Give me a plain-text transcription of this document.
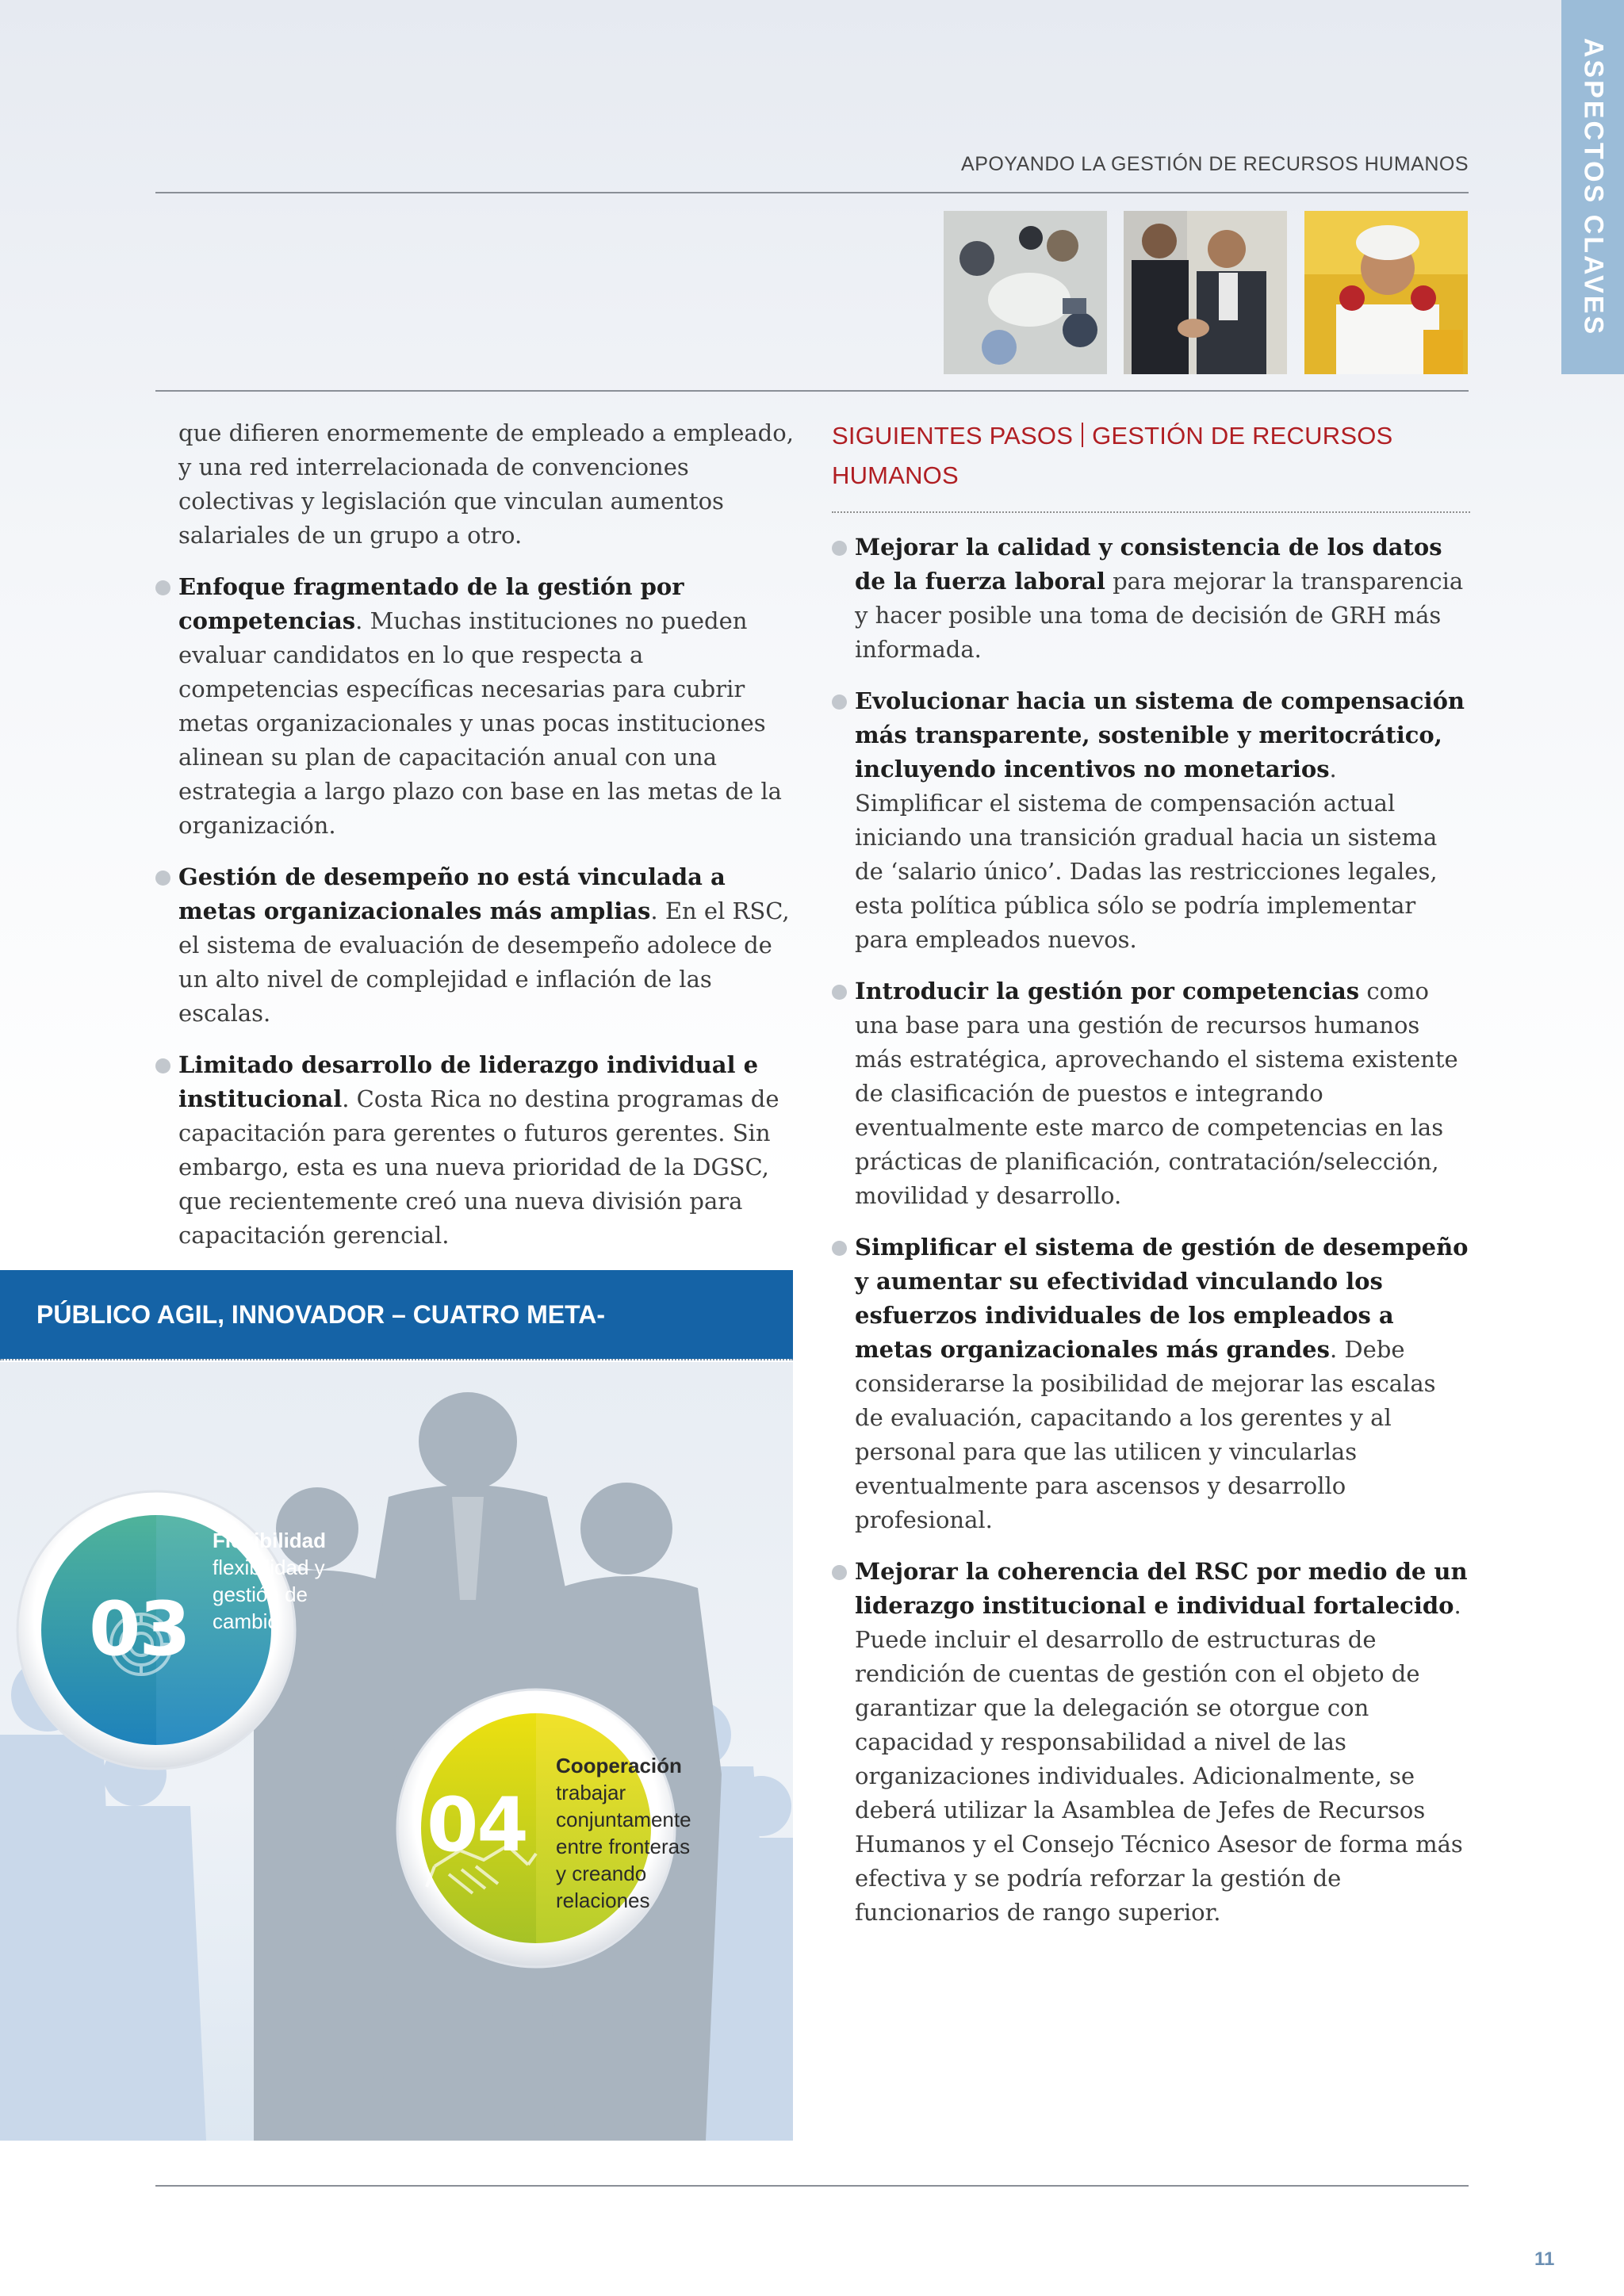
APOYANDO LA GESTIÓN DE RECURSOS HUMANOS	ASPECTOS CLAVES

que difieren enormemente de empleado a empleado, y una red interrelacionada de convenciones colectivas y legislación que vinculan aumentos salariales de un grupo a otro.

Enfoque fragmentado de la gestión por competencias. Muchas instituciones no pueden evaluar candidatos en lo que respecta a competencias específicas necesarias para cubrir metas organizacionales y unas pocas instituciones alinean su plan de capacitación anual con una estrategia a largo plazo con base en las metas de la organización.
Gestión de desempeño no está vinculada a metas organizacionales más amplias. En el RSC, el sistema de evaluación de desempeño adolece de un alto nivel de complejidad e inflación de las escalas.
Limitado desarrollo de liderazgo individual e institucional. Costa Rica no destina programas de capacitación para gerentes o futuros gerentes. Sin embargo, esta es una nueva prioridad de la DGSC, que recientemente creó una nueva división para capacitación gerencial.
SIGUIENTES PASOS GESTIÓN DE RECURSOS HUMANOS
Mejorar la calidad y consistencia de los datos de la fuerza laboral para mejorar la transparencia y hacer posible una toma de decisión de GRH más informada.
Evolucionar hacia un sistema de compensación más transparente, sostenible y meritocrático, incluyendo incentivos no monetarios. Simplificar el sistema de compensación actual iniciando una transición gradual hacia un sistema de ‘salario único’. Dadas las restricciones legales, esta política pública sólo se podría implementar para empleados nuevos.
Introducir la gestión por competencias como una base para una gestión de recursos humanos más estratégica, aprovechando el sistema existente de clasificación de puestos e integrando eventualmente este marco de competencias en las prácticas de planificación, contratación/selección, movilidad y desarrollo.
Simplificar el sistema de gestión de desempeño y aumentar su efectividad vinculando los esfuerzos individuales de los empleados a metas organizacionales más grandes. Debe considerarse la posibilidad de mejorar las escalas de evaluación, capacitando a los gerentes y al personal para que las utilicen y vincularlas eventualmente para ascensos y desarrollo profesional.
Mejorar la coherencia del RSC por medio de un liderazgo institucional e individual fortalecido. Puede incluir el desarrollo de estructuras de rendición de cuentas de gestión con el objeto de garantizar que la delegación se otorgue con capacidad y responsabilidad a nivel de las organizaciones individuales. Adicionalmente, se deberá utilizar la Asamblea de Jefes de Recursos Humanos y el Consejo Técnico Asesor de forma más efectiva y se podría reforzar la gestión de funcionarios de rango superior.
PÚBLICO AGIL, INNOVADOR – CUATRO META-
03
Flexibilidad
flexibilidad y
gestión de
cambio
04
Cooperación
trabajar
conjuntamente
entre fronteras
y creando
relaciones
11
